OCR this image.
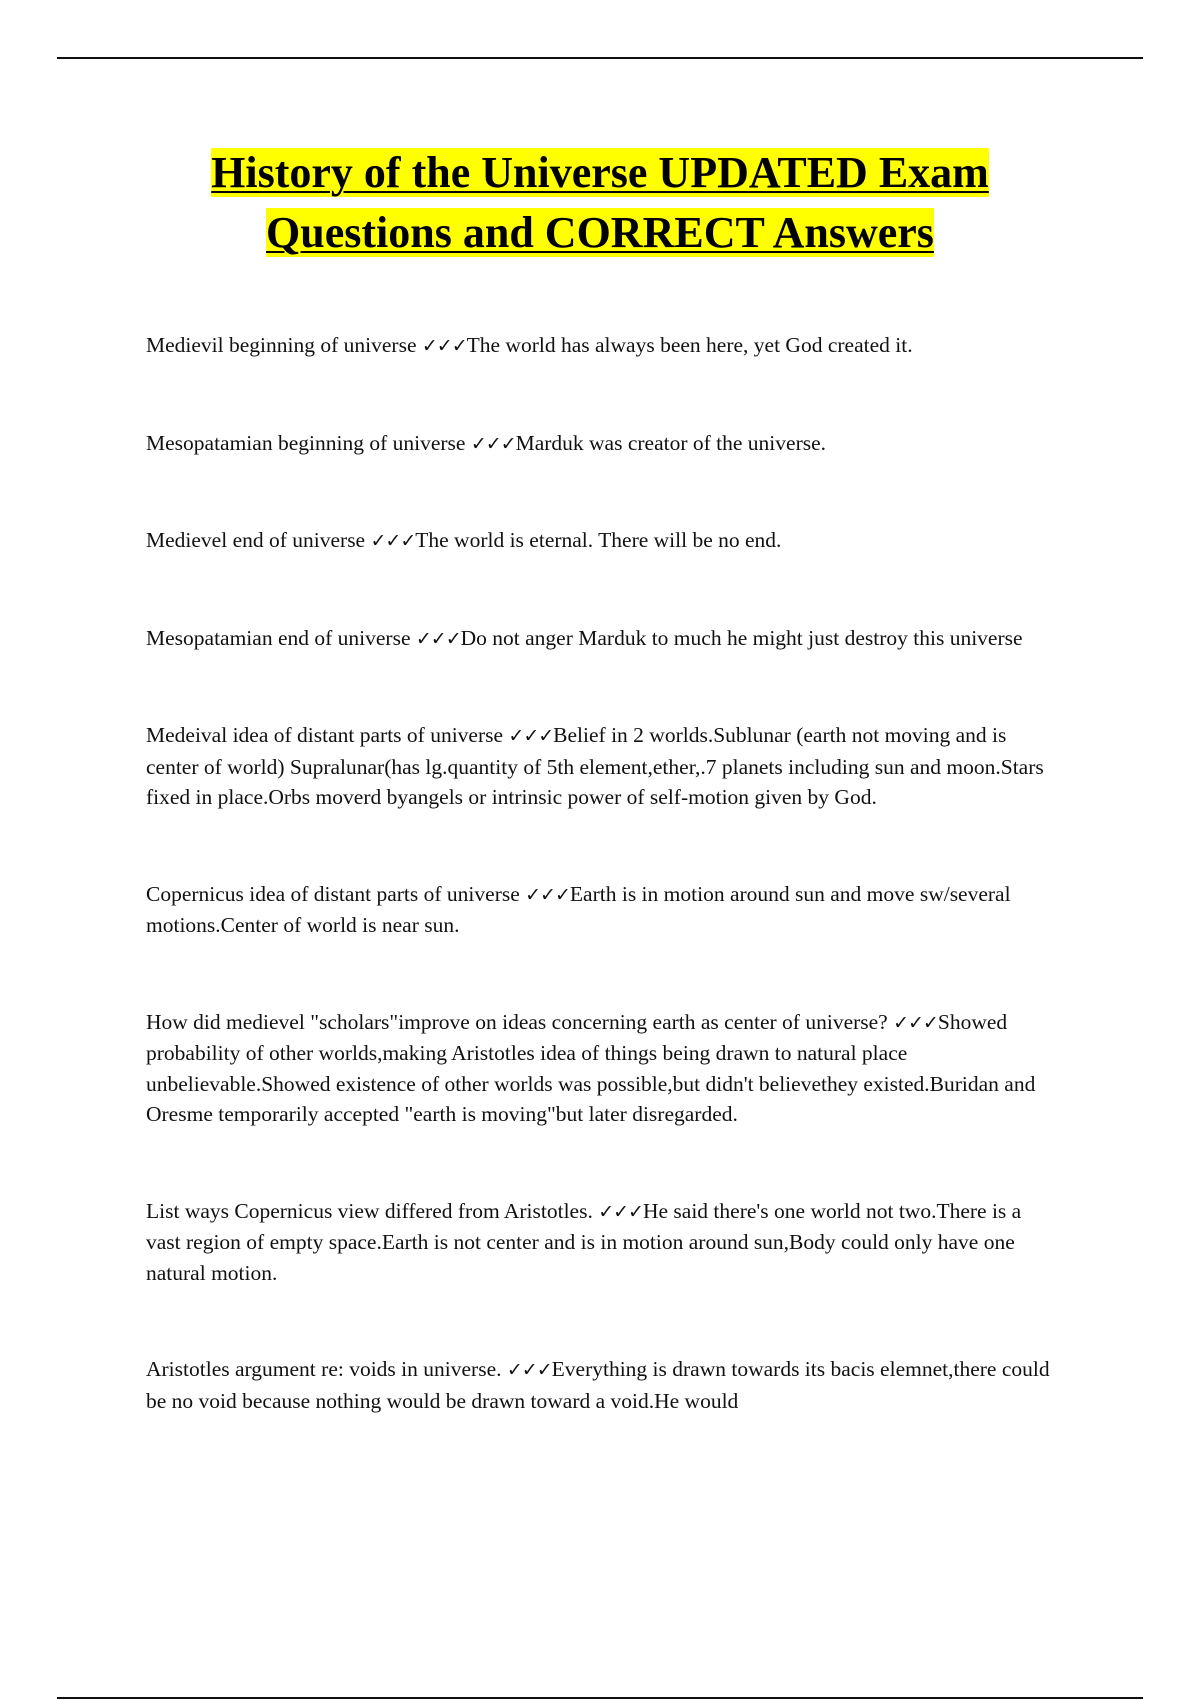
History of the Universe UPDATED Exam
Questions and CORRECT Answers

Medievil beginning of universe ✓✓✓The world has always been here, yet God created it.

Mesopatamian beginning of universe ✓✓✓Marduk was creator of the universe.

Medievel end of universe ✓✓✓The world is eternal. There will be no end.

Mesopatamian end of universe ✓✓✓Do not anger Marduk to much he might just destroy this universe

Medeival idea of distant parts of universe ✓✓✓Belief in 2 worlds.Sublunar (earth not moving and is center of world) Supralunar(has lg.quantity of 5th element,ether,.7 planets including sun and moon.Stars fixed in place.Orbs moverd byangels or intrinsic power of self-motion given by God.

Copernicus idea of distant parts of universe ✓✓✓Earth is in motion around sun and move sw/several motions.Center of world is near sun.

How did medievel "scholars"improve on ideas concerning earth as center of universe? ✓✓✓Showed probability of other worlds,making Aristotles idea of things being drawn to natural place unbelievable.Showed existence of other worlds was possible,but didn't believethey existed.Buridan and Oresme temporarily accepted "earth is moving"but later disregarded.

List ways Copernicus view differed from Aristotles. ✓✓✓He said there's one world not two.There is a vast region of empty space.Earth is not center and is in motion around sun,Body could only have one natural motion.

Aristotles argument re: voids in universe. ✓✓✓Everything is drawn towards its bacis elemnet,there could be no void because nothing would be drawn toward a void.He would
